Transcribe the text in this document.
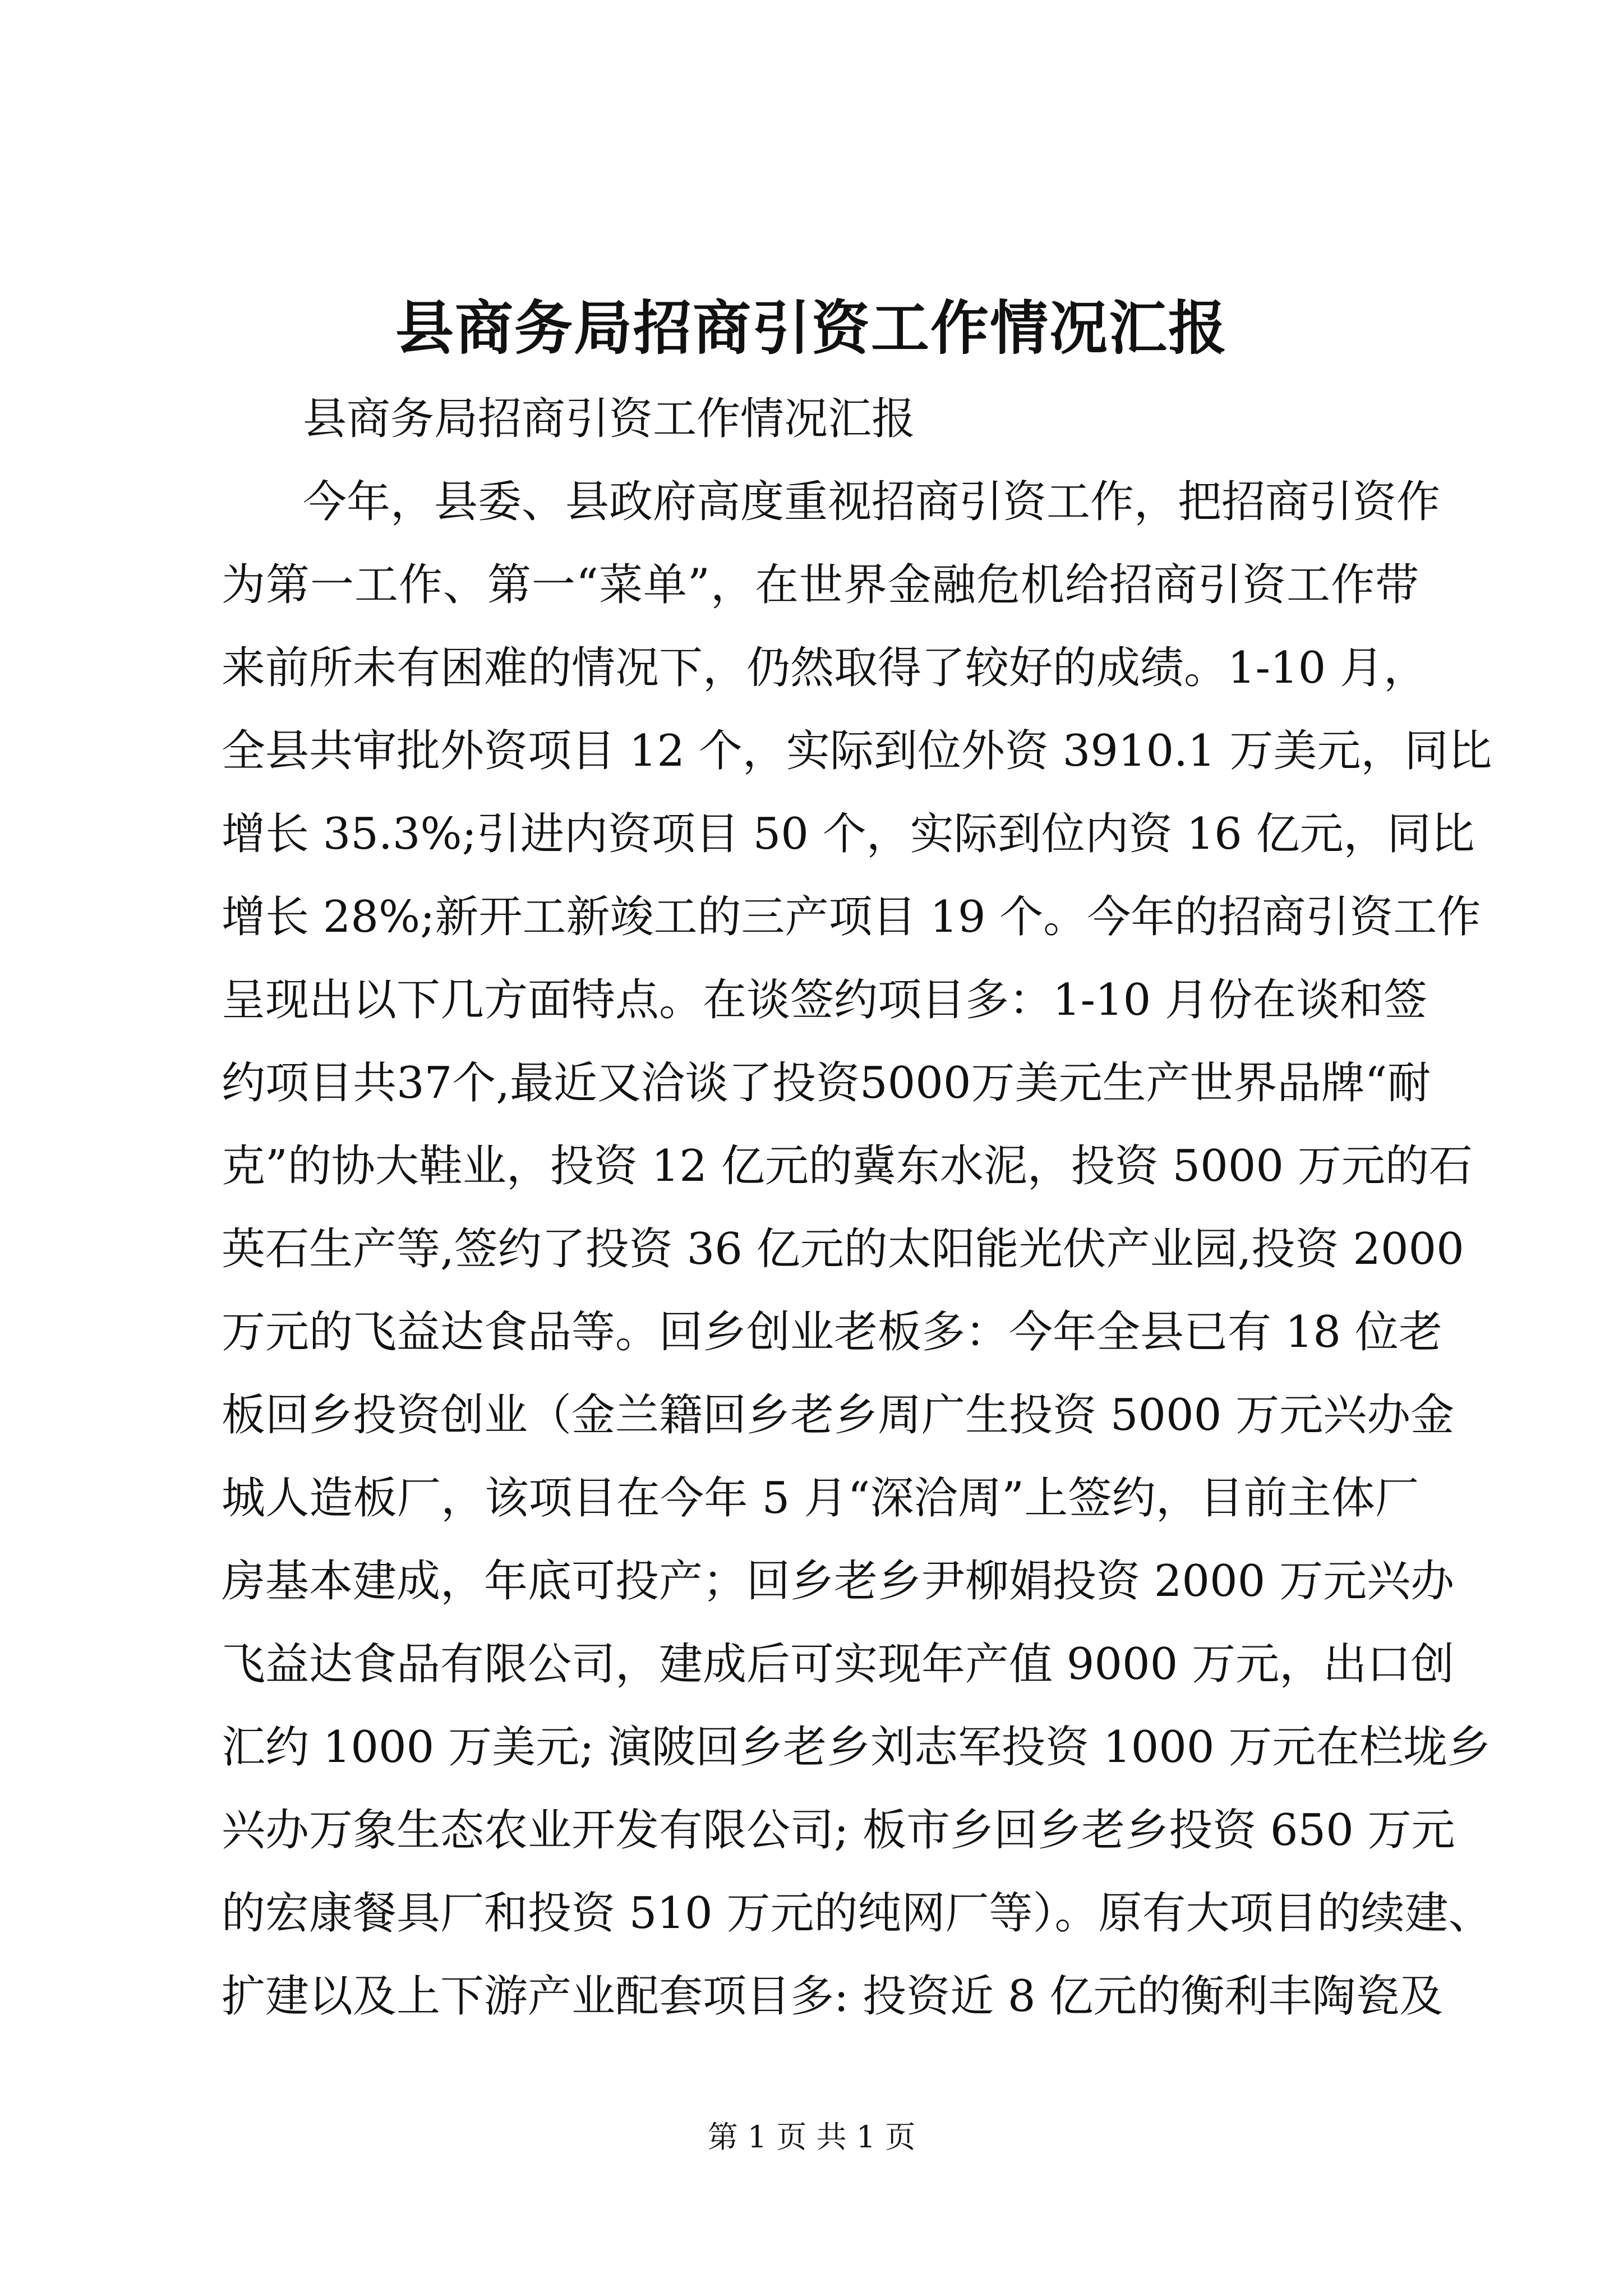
县商务局招商引资工作情况汇报

县商务局招商引资工作情况汇报

今年，县委、县政府高度重视招商引资工作，把招商引资作

为第一工作、第一“菜单”，在世界金融危机给招商引资工作带

来前所未有困难的情况下，仍然取得了较好的成绩。1-10 月，

全县共审批外资项目 12 个，实际到位外资 3910.1 万美元，同比

增长 35.3%;引进内资项目 50 个，实际到位内资 16 亿元，同比

增长 28%;新开工新竣工的三产项目 19 个。今年的招商引资工作

呈现出以下几方面特点。在谈签约项目多：1-10 月份在谈和签

约项目共37个,最近又洽谈了投资5000万美元生产世界品牌“耐

克”的协大鞋业，投资 12 亿元的冀东水泥，投资 5000 万元的石

英石生产等,签约了投资 36 亿元的太阳能光伏产业园,投资 2000

万元的飞益达食品等。回乡创业老板多：今年全县已有 18 位老

板回乡投资创业（金兰籍回乡老乡周广生投资 5000 万元兴办金

城人造板厂，该项目在今年 5 月“深洽周”上签约，目前主体厂

房基本建成，年底可投产；回乡老乡尹柳娟投资 2000 万元兴办

飞益达食品有限公司，建成后可实现年产值 9000 万元，出口创

汇约 1000 万美元; 演陂回乡老乡刘志军投资 1000 万元在栏垅乡

兴办万象生态农业开发有限公司; 板市乡回乡老乡投资 650 万元

的宏康餐具厂和投资 510 万元的纯网厂等）。原有大项目的续建、

扩建以及上下游产业配套项目多: 投资近 8 亿元的衡利丰陶瓷及

第 1 页 共 1 页
